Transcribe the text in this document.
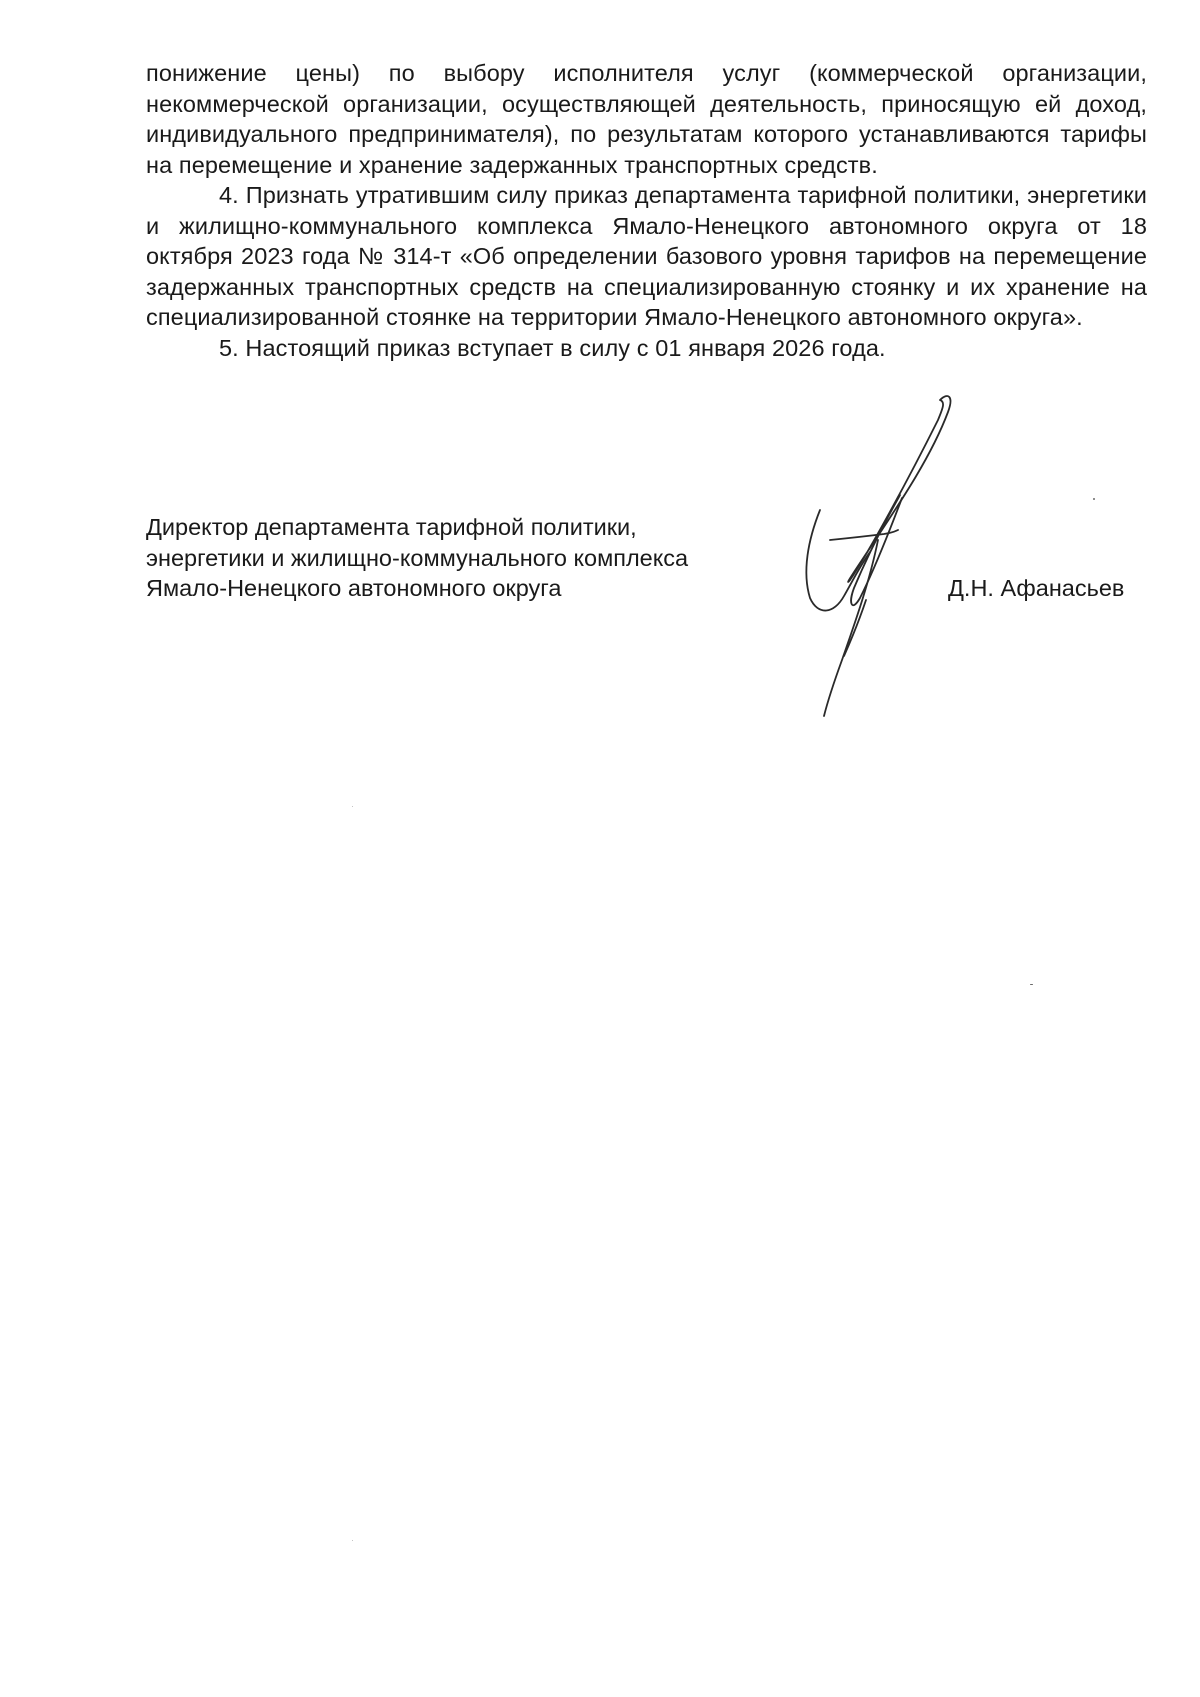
понижение цены) по выбору исполнителя услуг (коммерческой организации, некоммерческой организации, осуществляющей деятельность, приносящую ей доход, индивидуального предпринимателя), по результатам которого устанавливаются тарифы на перемещение и хранение задержанных транспортных средств.

4. Признать утратившим силу приказ департамента тарифной политики, энергетики и жилищно-коммунального комплекса Ямало-Ненецкого автономного округа от 18 октября 2023 года № 314-т «Об определении базового уровня тарифов на перемещение задержанных транспортных средств на специализированную стоянку и их хранение на специализированной стоянке на территории Ямало-Ненецкого автономного округа».

5. Настоящий приказ вступает в силу с 01 января 2026 года.

Директор департамента тарифной политики,
энергетики и жилищно-коммунального комплекса
Ямало-Ненецкого автономного округа	Д.Н. Афанасьев
